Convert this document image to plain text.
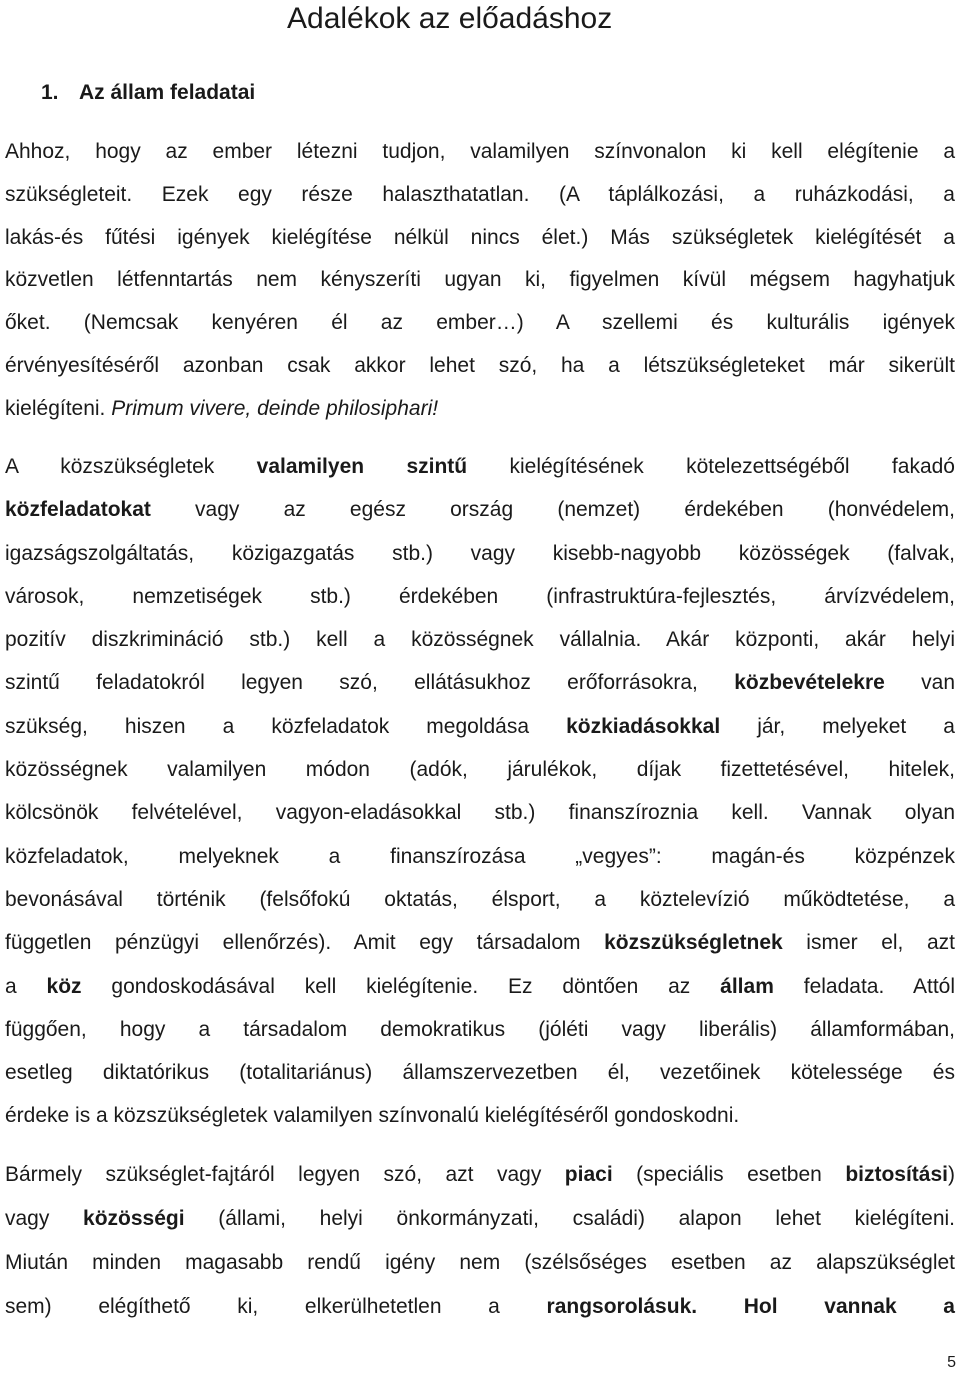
Adalékok az előadáshoz
1. Az állam feladatai
Ahhoz, hogy az ember létezni tudjon, valamilyen színvonalon ki kell elégítenie a
szükségleteit. Ezek egy része halaszthatatlan. (A táplálkozási, a ruházkodási, a
lakás-és fűtési igények kielégítése nélkül nincs élet.) Más szükségletek kielégítését a
közvetlen létfenntartás nem kényszeríti ugyan ki, figyelmen kívül mégsem hagyhatjuk
őket. (Nemcsak kenyéren él az ember…) A szellemi és kulturális igények
érvényesítéséről azonban csak akkor lehet szó, ha a létszükségleteket már sikerült
kielégíteni. Primum vivere, deinde philosiphari!
A közszükségletek valamilyen szintű kielégítésének kötelezettségéből fakadó
közfeladatokat vagy az egész ország (nemzet) érdekében (honvédelem,
igazságszolgáltatás, közigazgatás stb.) vagy kisebb-nagyobb közösségek (falvak,
városok, nemzetiségek stb.) érdekében (infrastruktúra-fejlesztés, árvízvédelem,
pozitív diszkrimináció stb.) kell a közösségnek vállalnia. Akár központi, akár helyi
szintű feladatokról legyen szó, ellátásukhoz erőforrásokra, közbevételekre van
szükség, hiszen a közfeladatok megoldása közkiadásokkal jár, melyeket a
közösségnek valamilyen módon (adók, járulékok, díjak fizettetésével, hitelek,
kölcsönök felvételével, vagyon-eladásokkal stb.) finanszíroznia kell. Vannak olyan
közfeladatok, melyeknek a finanszírozása „vegyes”: magán-és közpénzek
bevonásával történik (felsőfokú oktatás, élsport, a köztelevízió működtetése, a
független pénzügyi ellenőrzés). Amit egy társadalom közszükségletnek ismer el, azt
a köz gondoskodásával kell kielégítenie. Ez döntően az állam feladata. Attól
függően, hogy a társadalom demokratikus (jóléti vagy liberális) államformában,
esetleg diktatórikus (totalitariánus) államszervezetben él, vezetőinek kötelessége és
érdeke is a közszükségletek valamilyen színvonalú kielégítéséről gondoskodni.
Bármely szükséglet-fajtáról legyen szó, azt vagy piaci (speciális esetben biztosítási)
vagy közösségi (állami, helyi önkormányzati, családi) alapon lehet kielégíteni.
Miután minden magasabb rendű igény nem (szélsőséges esetben az alapszükséglet
sem) elégíthető ki, elkerülhetetlen a rangsorolásuk. Hol vannak a
5
